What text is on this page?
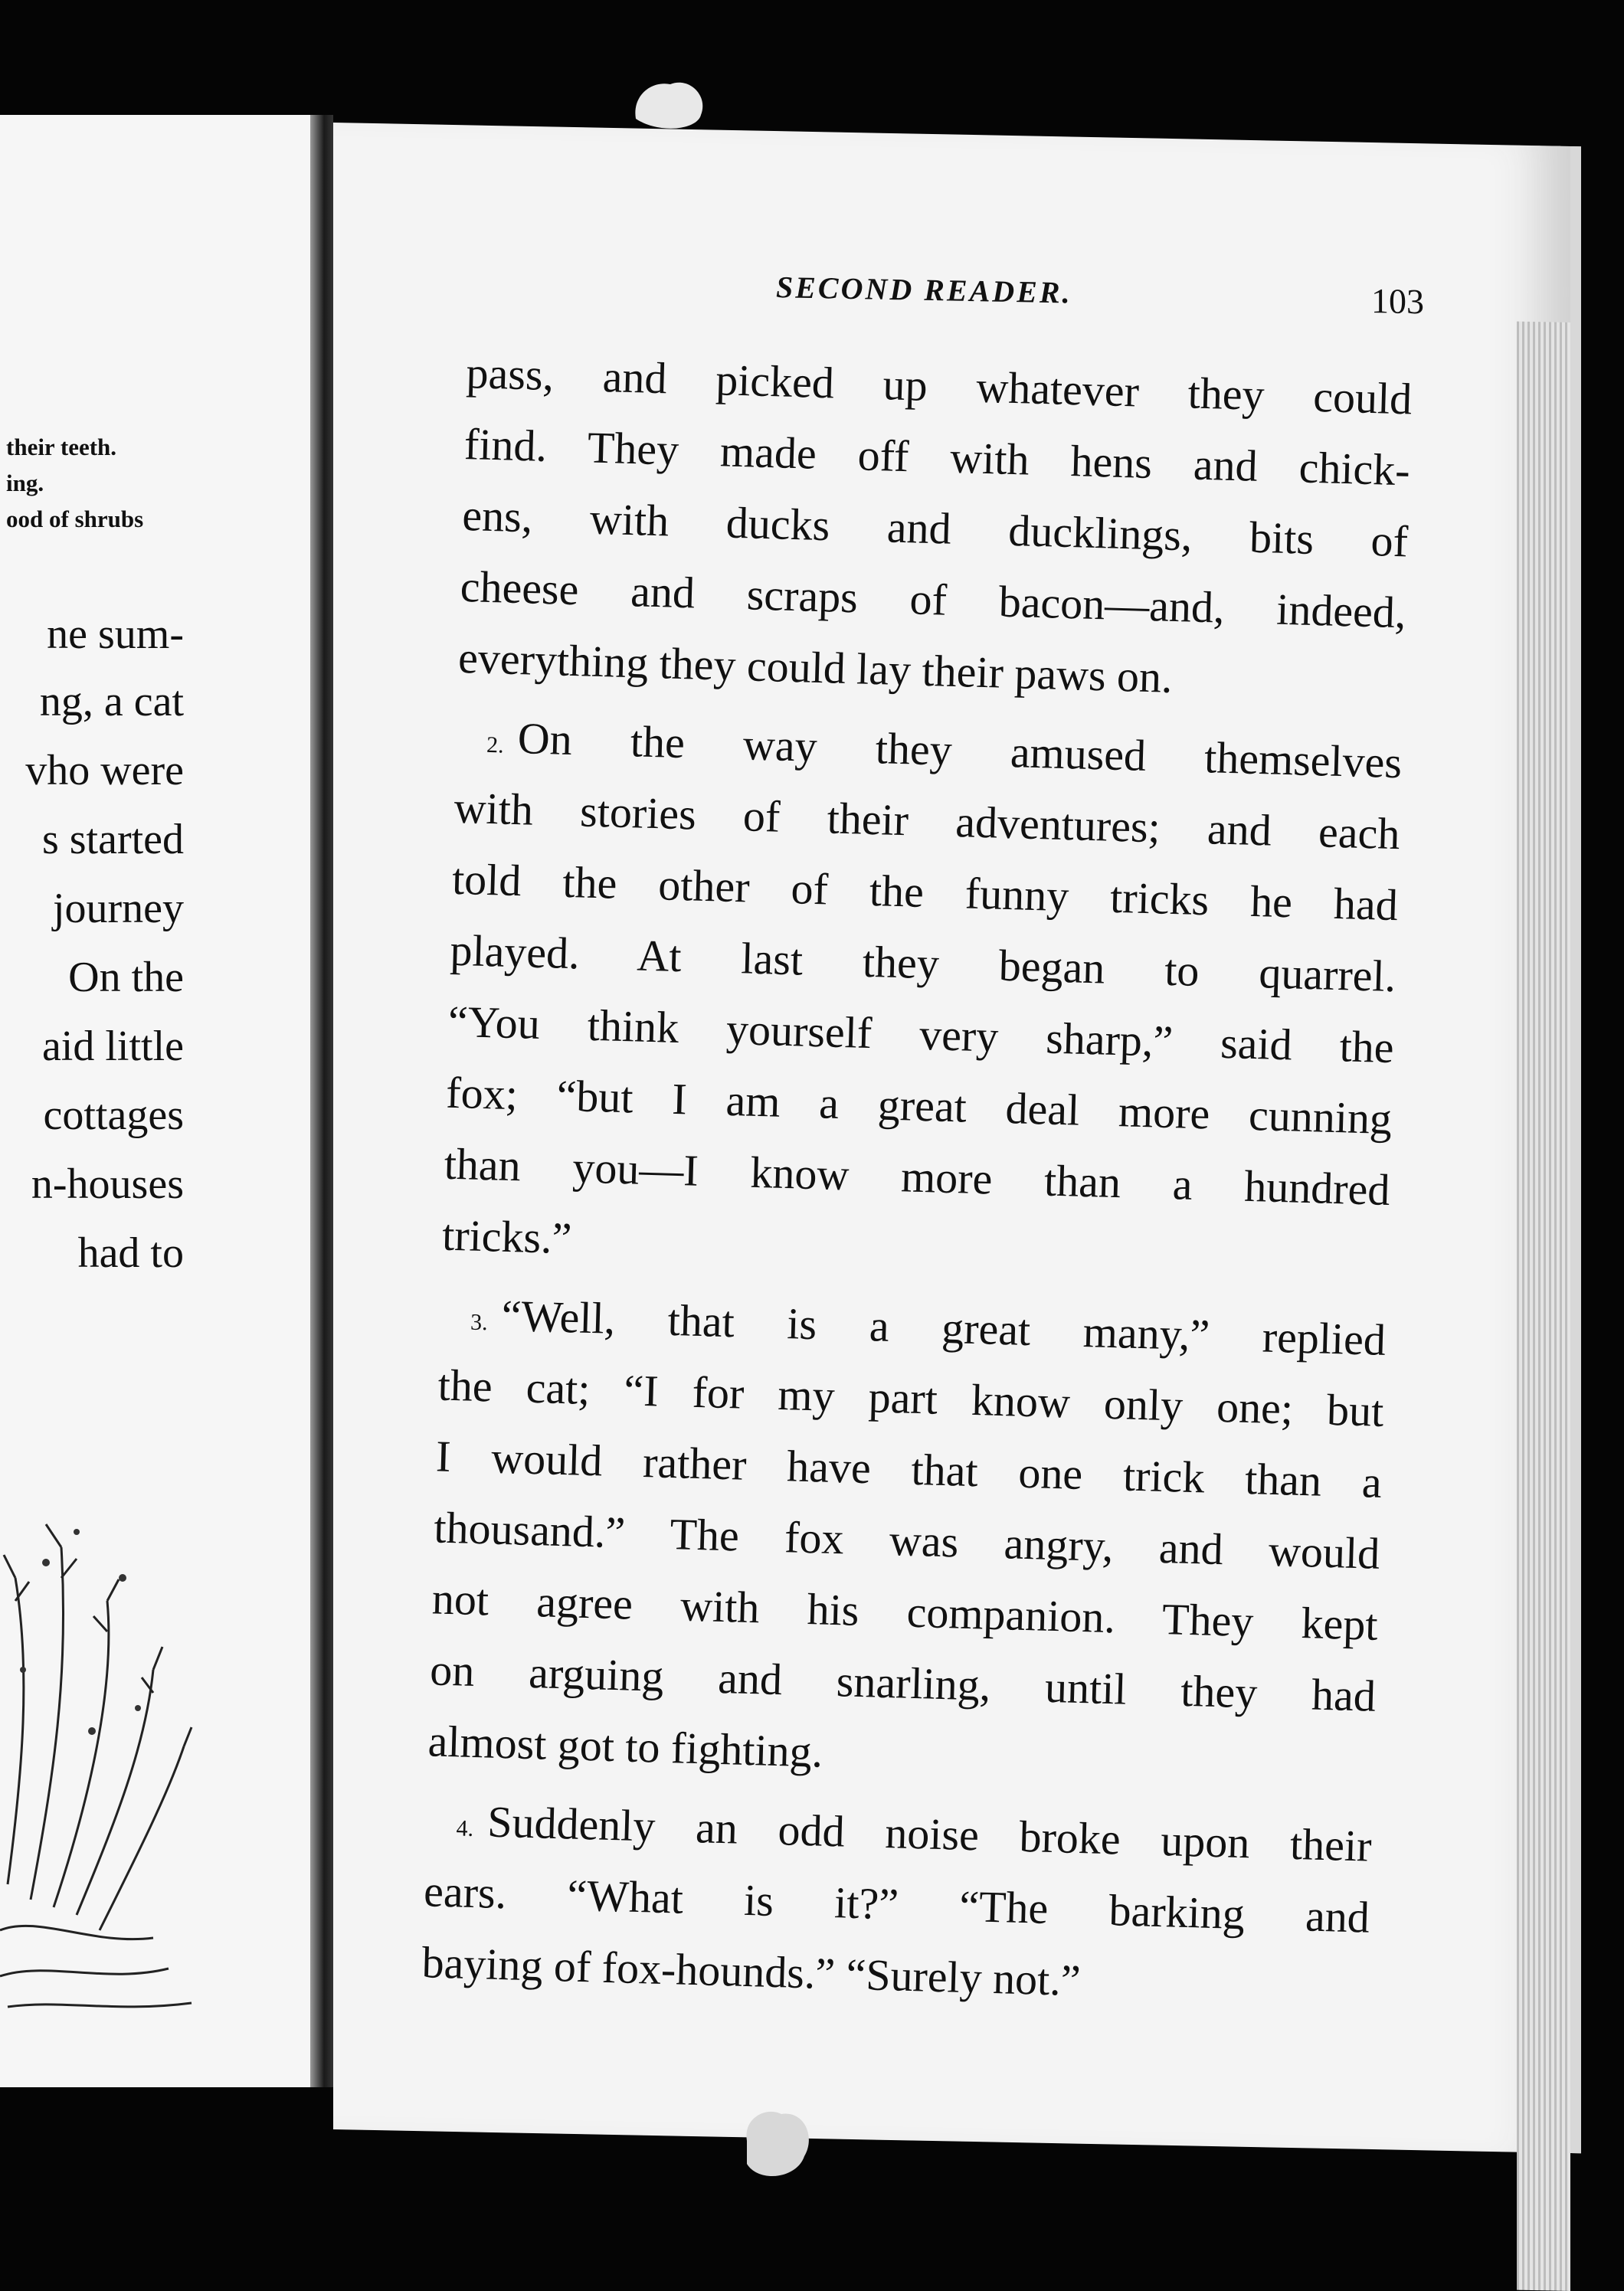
their teeth.
ing.
ood of shrubs
ne sum-
ng, a cat
vho were
s started
journey
On the
aid little
cottages
n-houses
had to
SECOND READER.	103
pass, and picked up whatever they could
find. They made off with hens and chick-
ens, with ducks and ducklings, bits of
cheese and scraps of bacon—and, indeed,
everything they could lay their paws on.
2. On the way they amused themselves
with stories of their adventures; and each
told the other of the funny tricks he had
played. At last they began to quarrel.
“You think yourself very sharp,” said the
fox; “but I am a great deal more cunning
than you—I know more than a hundred
tricks.”
3. “Well, that is a great many,” replied
the cat; “I for my part know only one; but
I would rather have that one trick than a
thousand.” The fox was angry, and would
not agree with his companion. They kept
on arguing and snarling, until they had
almost got to fighting.
4. Suddenly an odd noise broke upon their
ears. “What is it?” “The barking and
baying of fox-hounds.” “Surely not.”
